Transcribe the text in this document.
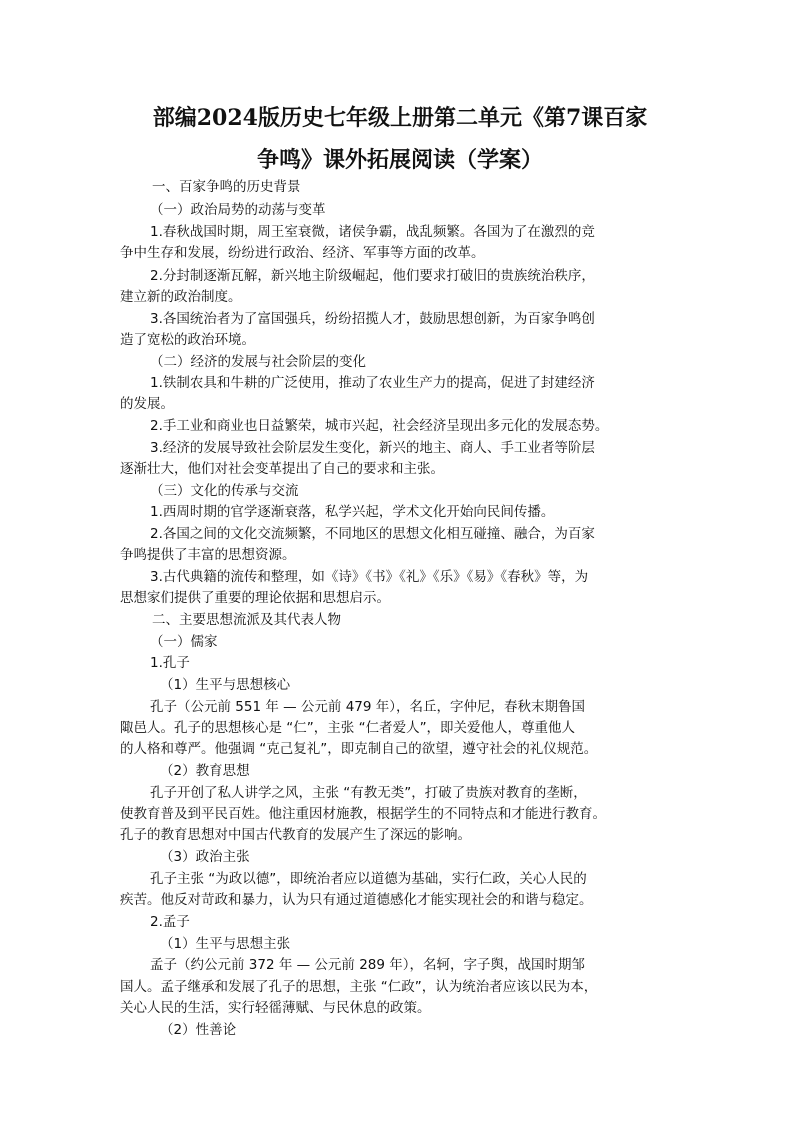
部编2024版历史七年级上册第二单元《第7课百家
争鸣》课外拓展阅读（学案）
一、百家争鸣的历史背景
（一）政治局势的动荡与变革
1.春秋战国时期，周王室衰微，诸侯争霸，战乱频繁。各国为了在激烈的竞
争中生存和发展，纷纷进行政治、经济、军事等方面的改革。
2.分封制逐渐瓦解，新兴地主阶级崛起，他们要求打破旧的贵族统治秩序，
建立新的政治制度。
3.各国统治者为了富国强兵，纷纷招揽人才，鼓励思想创新，为百家争鸣创
造了宽松的政治环境。
（二）经济的发展与社会阶层的变化
1.铁制农具和牛耕的广泛使用，推动了农业生产力的提高，促进了封建经济
的发展。
2.手工业和商业也日益繁荣，城市兴起，社会经济呈现出多元化的发展态势。
3.经济的发展导致社会阶层发生变化，新兴的地主、商人、手工业者等阶层
逐渐壮大，他们对社会变革提出了自己的要求和主张。
（三）文化的传承与交流
1.西周时期的官学逐渐衰落，私学兴起，学术文化开始向民间传播。
2.各国之间的文化交流频繁，不同地区的思想文化相互碰撞、融合，为百家
争鸣提供了丰富的思想资源。
3.古代典籍的流传和整理，如《诗》《书》《礼》《乐》《易》《春秋》等，为
思想家们提供了重要的理论依据和思想启示。
二、主要思想流派及其代表人物
（一）儒家
1.孔子
（1）生平与思想核心
孔子（公元前 551 年 — 公元前 479 年），名丘，字仲尼，春秋末期鲁国
陬邑人。孔子的思想核心是 “仁”，主张 “仁者爱人”，即关爱他人，尊重他人
的人格和尊严。他强调 “克己复礼”，即克制自己的欲望，遵守社会的礼仪规范。
（2）教育思想
孔子开创了私人讲学之风，主张 “有教无类”，打破了贵族对教育的垄断，
使教育普及到平民百姓。他注重因材施教，根据学生的不同特点和才能进行教育。
孔子的教育思想对中国古代教育的发展产生了深远的影响。
（3）政治主张
孔子主张 “为政以德”，即统治者应以道德为基础，实行仁政，关心人民的
疾苦。他反对苛政和暴力，认为只有通过道德感化才能实现社会的和谐与稳定。
2.孟子
（1）生平与思想主张
孟子（约公元前 372 年 — 公元前 289 年），名轲，字子舆，战国时期邹
国人。孟子继承和发展了孔子的思想，主张 “仁政”，认为统治者应该以民为本，
关心人民的生活，实行轻徭薄赋、与民休息的政策。
（2）性善论
